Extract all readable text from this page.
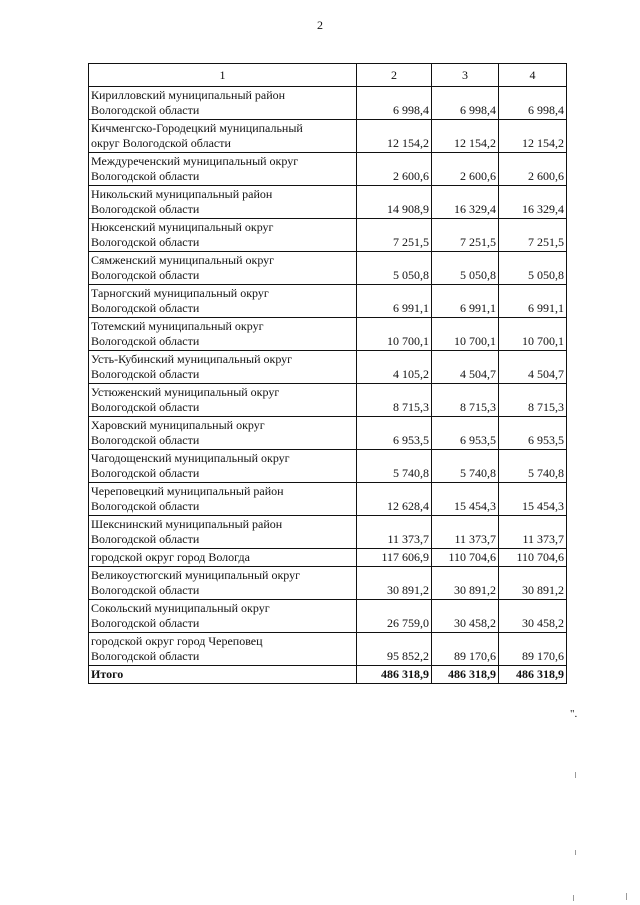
2
1	2	3	4
Кирилловский муниципальный район
Вологодской области	6 998,4	6 998,4	6 998,4
Кичменгско-Городецкий муниципальный
округ Вологодской области	12 154,2	12 154,2	12 154,2
Междуреченский муниципальный округ
Вологодской области	2 600,6	2 600,6	2 600,6
Никольский муниципальный район
Вологодской области	14 908,9	16 329,4	16 329,4
Нюксенский муниципальный округ
Вологодской области	7 251,5	7 251,5	7 251,5
Сямженский муниципальный округ
Вологодской области	5 050,8	5 050,8	5 050,8
Тарногский муниципальный округ
Вологодской области	6 991,1	6 991,1	6 991,1
Тотемский муниципальный округ
Вологодской области	10 700,1	10 700,1	10 700,1
Усть-Кубинский муниципальный округ
Вологодской области	4 105,2	4 504,7	4 504,7
Устюженский муниципальный округ
Вологодской области	8 715,3	8 715,3	8 715,3
Харовский муниципальный округ
Вологодской области	6 953,5	6 953,5	6 953,5
Чагодощенский муниципальный округ
Вологодской области	5 740,8	5 740,8	5 740,8
Череповецкий муниципальный район
Вологодской области	12 628,4	15 454,3	15 454,3
Шекснинский муниципальный район
Вологодской области	11 373,7	11 373,7	11 373,7
городской округ город Вологда	117 606,9	110 704,6	110 704,6
Великоустюгский муниципальный округ
Вологодской области	30 891,2	30 891,2	30 891,2
Сокольский муниципальный округ
Вологодской области	26 759,0	30 458,2	30 458,2
городской округ город Череповец
Вологодской области	95 852,2	89 170,6	89 170,6
Итого	486 318,9	486 318,9	486 318,9
".
